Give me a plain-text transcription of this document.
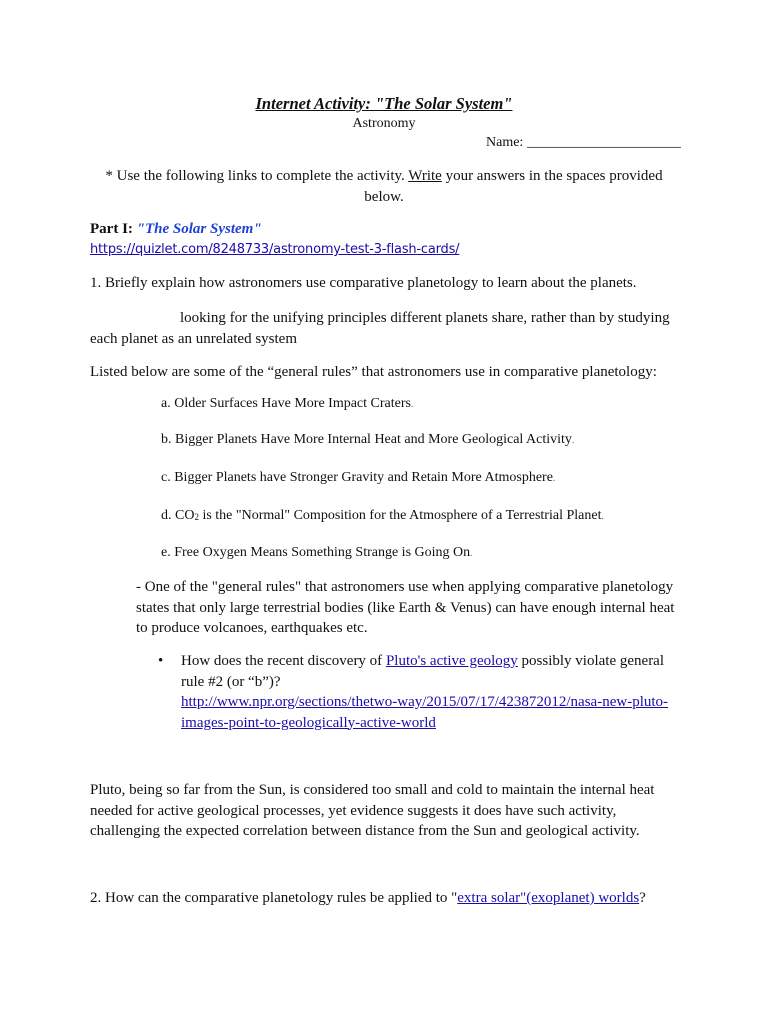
Internet Activity: "The Solar System"
Astronomy
Name: ______________________
* Use the following links to complete the activity. Write your answers in the spaces provided below.
Part I: "The Solar System"
https://quizlet.com/8248733/astronomy-test-3-flash-cards/
1. Briefly explain how astronomers use comparative planetology to learn about the planets.
looking for the unifying principles different planets share, rather than by studying
each planet as an unrelated system
Listed below are some of the “general rules” that astronomers use in comparative planetology:
a. Older Surfaces Have More Impact Craters.
b. Bigger Planets Have More Internal Heat and More Geological Activity.
c. Bigger Planets have Stronger Gravity and Retain More Atmosphere.
d. $CO_2$ is the "Normal" Composition for the Atmosphere of a Terrestrial Planet.
e. Free Oxygen Means Something Strange is Going On.
- One of the "general rules" that astronomers use when applying comparative planetology states that only large terrestrial bodies (like Earth & Venus) can have enough internal heat to produce volcanoes, earthquakes etc.
• How does the recent discovery of Pluto's active geology possibly violate general rule #2 (or “b”)?
http://www.npr.org/sections/thetwo-way/2015/07/17/423872012/nasa-new-pluto-
images-point-to-geologically-active-world
Pluto, being so far from the Sun, is considered too small and cold to maintain the internal heat needed for active geological processes, yet evidence suggests it does have such activity, challenging the expected correlation between distance from the Sun and geological activity.
2. How can the comparative planetology rules be applied to "extra solar"(exoplanet) worlds?
